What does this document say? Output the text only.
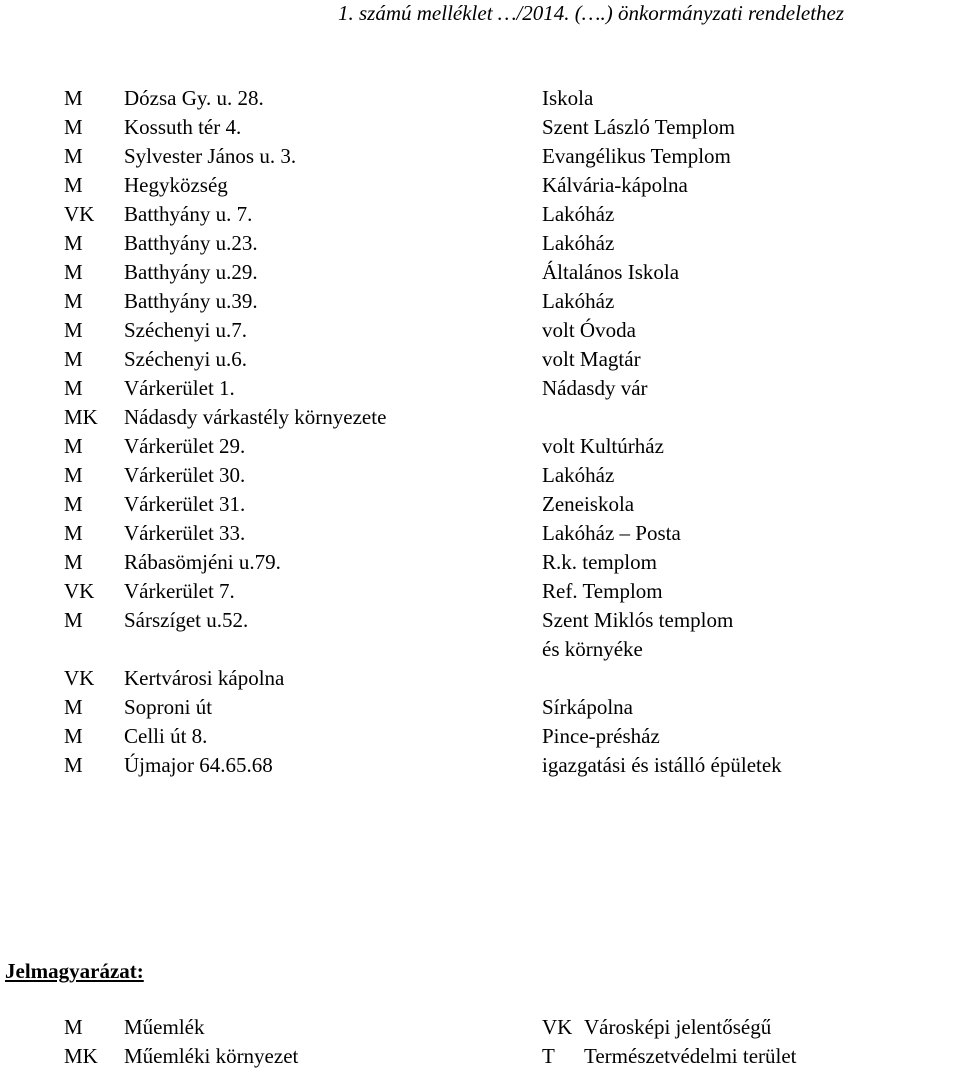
1. számú melléklet …/2014. (….) önkormányzati rendelethez
M Dózsa Gy. u. 28.	Iskola
M Kossuth tér 4.	Szent László Templom
M Sylvester János u. 3.	Evangélikus Templom
M Hegyközség	Kálvária-kápolna
VK Batthyány u. 7.	Lakóház
M Batthyány u.23.	Lakóház
M Batthyány u.29.	Általános Iskola
M Batthyány u.39.	Lakóház
M Széchenyi u.7.	volt Óvoda
M Széchenyi u.6.	volt Magtár
M Várkerület 1.	Nádasdy vár
MK Nádasdy várkastély környezete
M Várkerület 29.	volt Kultúrház
M Várkerület 30.	Lakóház
M Várkerület 31.	Zeneiskola
M Várkerület 33.	Lakóház – Posta
M Rábasömjéni u.79.	R.k. templom
VK Várkerület 7.	Ref. Templom
M Sárszíget u.52.	Szent Miklós templom
és környéke
VK Kertvárosi kápolna
M Soproni út	Sírkápolna
M Celli út 8.	Pince-présház
M Újmajor 64.65.68	igazgatási és istálló épületek
Jelmagyarázat:
M Műemlék	VK Városképi jelentőségű
MK Műemléki környezet	T Természetvédelmi terület
